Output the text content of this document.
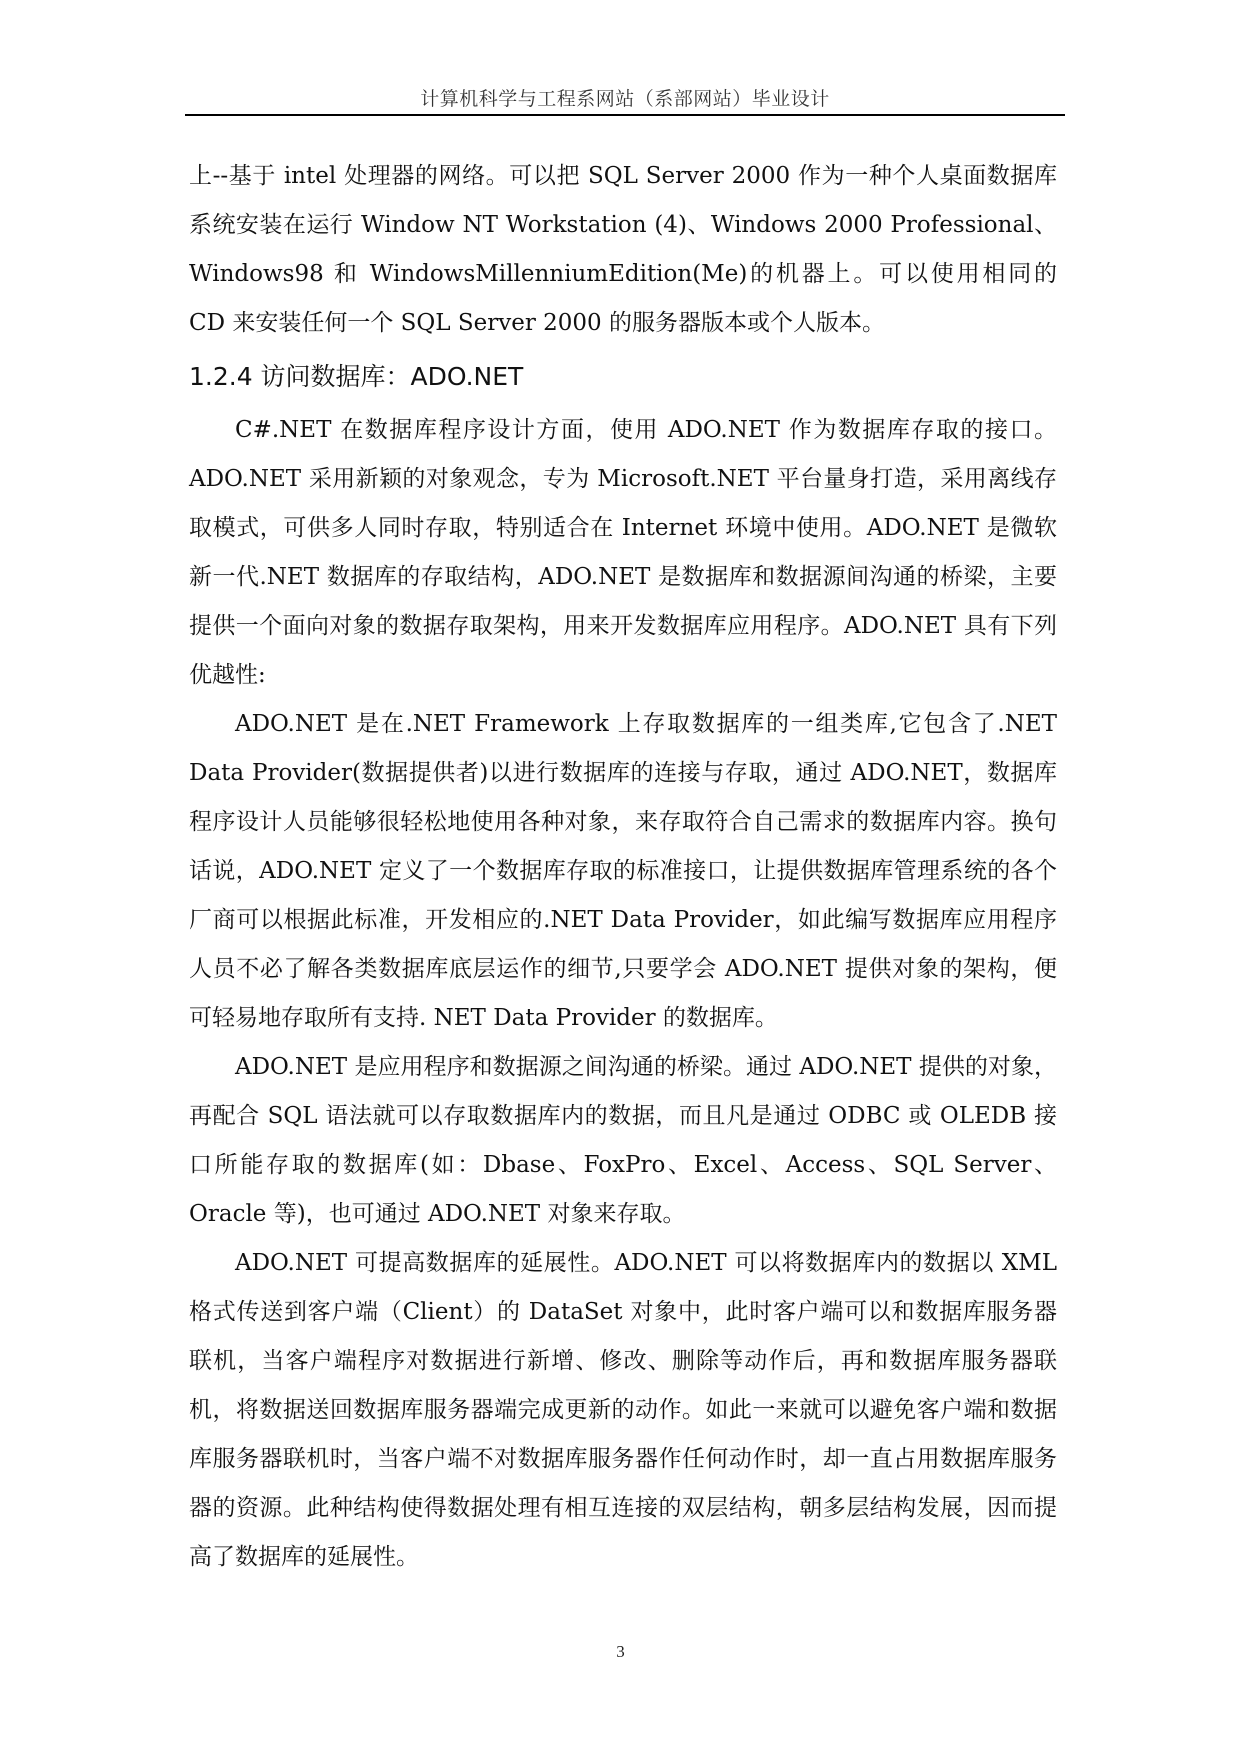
计算机科学与工程系网站（系部网站）毕业设计

上--基于 intel 处理器的网络。可以把 SQL Server 2000 作为一种个人桌面数据库系统安装在运行 Window NT Workstation (4)、Windows 2000 Professional、Windows98 和 WindowsMillenniumEdition(Me)的机器上。可以使用相同的 CD 来安装任何一个 SQL Server 2000 的服务器版本或个人版本。

1.2.4 访问数据库：ADO.NET

C#.NET 在数据库程序设计方面，使用 ADO.NET 作为数据库存取的接口。ADO.NET 采用新颖的对象观念，专为 Microsoft.NET 平台量身打造，采用离线存取模式，可供多人同时存取，特别适合在 Internet 环境中使用。ADO.NET 是微软新一代.NET 数据库的存取结构，ADO.NET 是数据库和数据源间沟通的桥梁，主要提供一个面向对象的数据存取架构，用来开发数据库应用程序。ADO.NET 具有下列优越性:

ADO.NET 是在.NET Framework 上存取数据库的一组类库,它包含了.NET Data Provider(数据提供者)以进行数据库的连接与存取，通过 ADO.NET，数据库程序设计人员能够很轻松地使用各种对象，来存取符合自己需求的数据库内容。换句话说，ADO.NET 定义了一个数据库存取的标准接口，让提供数据库管理系统的各个厂商可以根据此标准，开发相应的.NET Data Provider，如此编写数据库应用程序人员不必了解各类数据库底层运作的细节,只要学会 ADO.NET 提供对象的架构，便可轻易地存取所有支持. NET Data Provider 的数据库。

ADO.NET 是应用程序和数据源之间沟通的桥梁。通过 ADO.NET 提供的对象，再配合 SQL 语法就可以存取数据库内的数据，而且凡是通过 ODBC 或 OLEDB 接口所能存取的数据库(如：Dbase、FoxPro、Excel、Access、SQL Server、Oracle 等)，也可通过 ADO.NET 对象来存取。

ADO.NET 可提高数据库的延展性。ADO.NET 可以将数据库内的数据以 XML 格式传送到客户端（Client）的 DataSet 对象中，此时客户端可以和数据库服务器联机，当客户端程序对数据进行新增、修改、删除等动作后，再和数据库服务器联机，将数据送回数据库服务器端完成更新的动作。如此一来就可以避免客户端和数据库服务器联机时，当客户端不对数据库服务器作任何动作时，却一直占用数据库服务器的资源。此种结构使得数据处理有相互连接的双层结构，朝多层结构发展，因而提高了数据库的延展性。

3
